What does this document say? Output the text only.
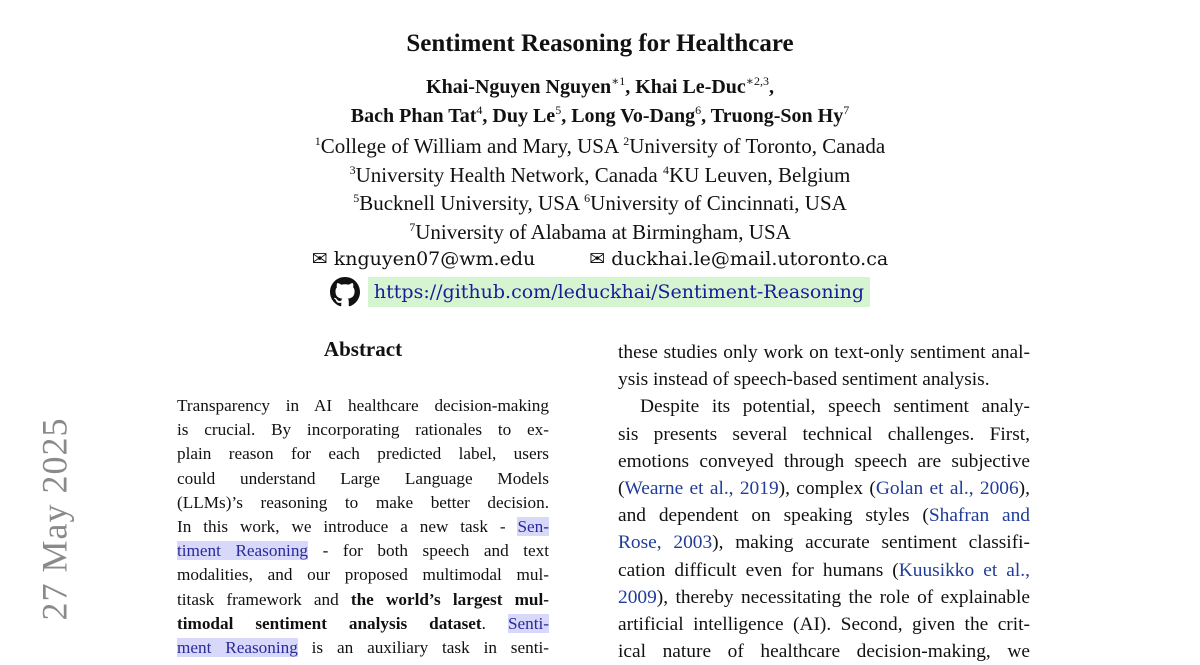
27 May 2025
Sentiment Reasoning for Healthcare
Khai-Nguyen Nguyen$^{∗1}$, Khai Le-Duc$^{∗2,3}$,
Bach Phan Tat$^4$, Duy Le$^5$, Long Vo-Dang$^6$, Truong-Son Hy$^7$
$^1$College of William and Mary, USA $^2$University of Toronto, Canada
$^3$University Health Network, Canada $^4$KU Leuven, Belgium
$^5$Bucknell University, USA $^6$University of Cincinnati, USA
$^7$University of Alabama at Birmingham, USA
✉ knguyen07@wm.edu	✉ duckhai.le@mail.utoronto.ca
https://github.com/leduckhai/Sentiment-Reasoning
Abstract
Transparency in AI healthcare decision-making
is crucial. By incorporating rationales to ex-
plain reason for each predicted label, users
could understand Large Language Models
(LLMs)’s reasoning to make better decision.
In this work, we introduce a new task - Sen-
timent Reasoning - for both speech and text
modalities, and our proposed multimodal mul-
titask framework and the world’s largest mul-
timodal sentiment analysis dataset. Senti-
ment Reasoning is an auxiliary task in senti-
these studies only work on text-only sentiment anal-
ysis instead of speech-based sentiment analysis.
Despite its potential, speech sentiment analy-
sis presents several technical challenges. First,
emotions conveyed through speech are subjective
(Wearne et al., 2019), complex (Golan et al., 2006),
and dependent on speaking styles (Shafran and
Rose, 2003), making accurate sentiment classifi-
cation difficult even for humans (Kuusikko et al.,
2009), thereby necessitating the role of explainable
artificial intelligence (AI). Second, given the crit-
ical nature of healthcare decision-making, we
